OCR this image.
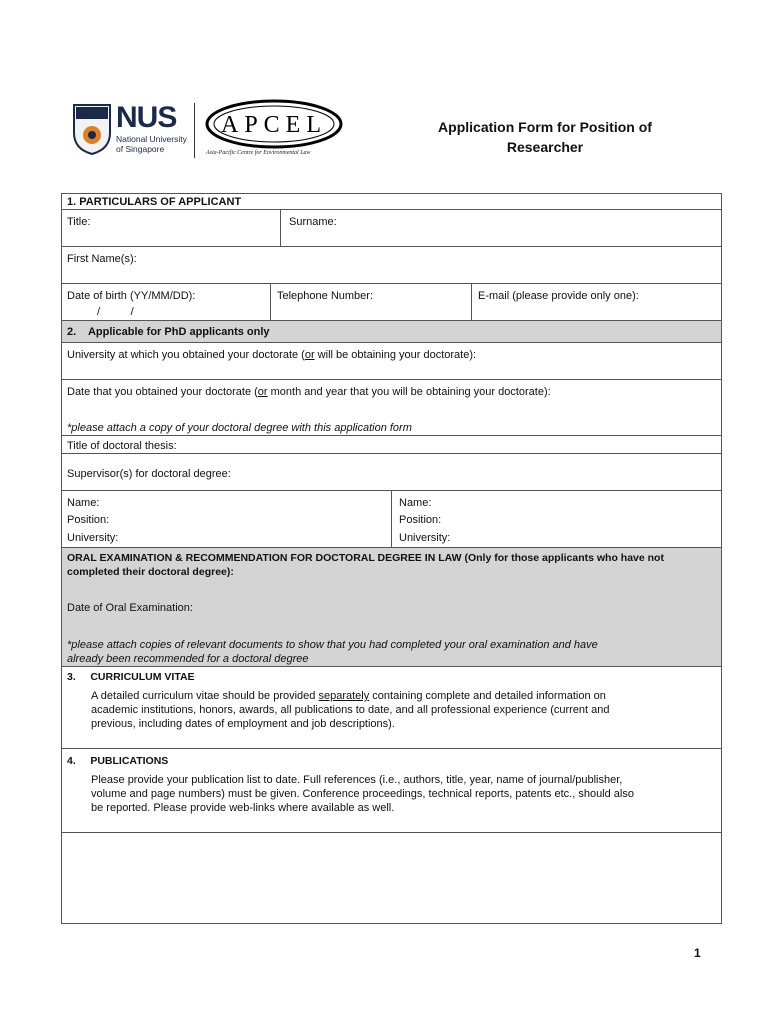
NUS
National University
of Singapore
APCEL
Asia-Pacific Centre for Environmental Law
Application Form for Position of
Researcher
1. PARTICULARS OF APPLICANT
Title:	Surname:
First Name(s):
Date of birth (YY/MM/DD):
/          /
Telephone Number:	E-mail (please provide only one):
2.    Applicable for PhD applicants only
University at which you obtained your doctorate (or will be obtaining your doctorate):
Date that you obtained your doctorate (or month and year that you will be obtaining your doctorate):
*please attach a copy of your doctoral degree with this application form
Title of doctoral thesis:
Supervisor(s) for doctoral degree:
Name:
Position:
University:
Name:
Position:
University:
ORAL EXAMINATION & RECOMMENDATION FOR DOCTORAL DEGREE IN LAW (Only for those applicants who have not
completed their doctoral degree):
Date of Oral Examination:
*please attach copies of relevant documents to show that you had completed your oral examination and have
already been recommended for a doctoral degree
3.     CURRICULUM VITAE
A detailed curriculum vitae should be provided separately containing complete and detailed information on
academic institutions, honors, awards, all publications to date, and all professional experience (current and
previous, including dates of employment and job descriptions).
4.     PUBLICATIONS
Please provide your publication list to date. Full references (i.e., authors, title, year, name of journal/publisher,
volume and page numbers) must be given. Conference proceedings, technical reports, patents etc., should also
be reported. Please provide web-links where available as well.
1
